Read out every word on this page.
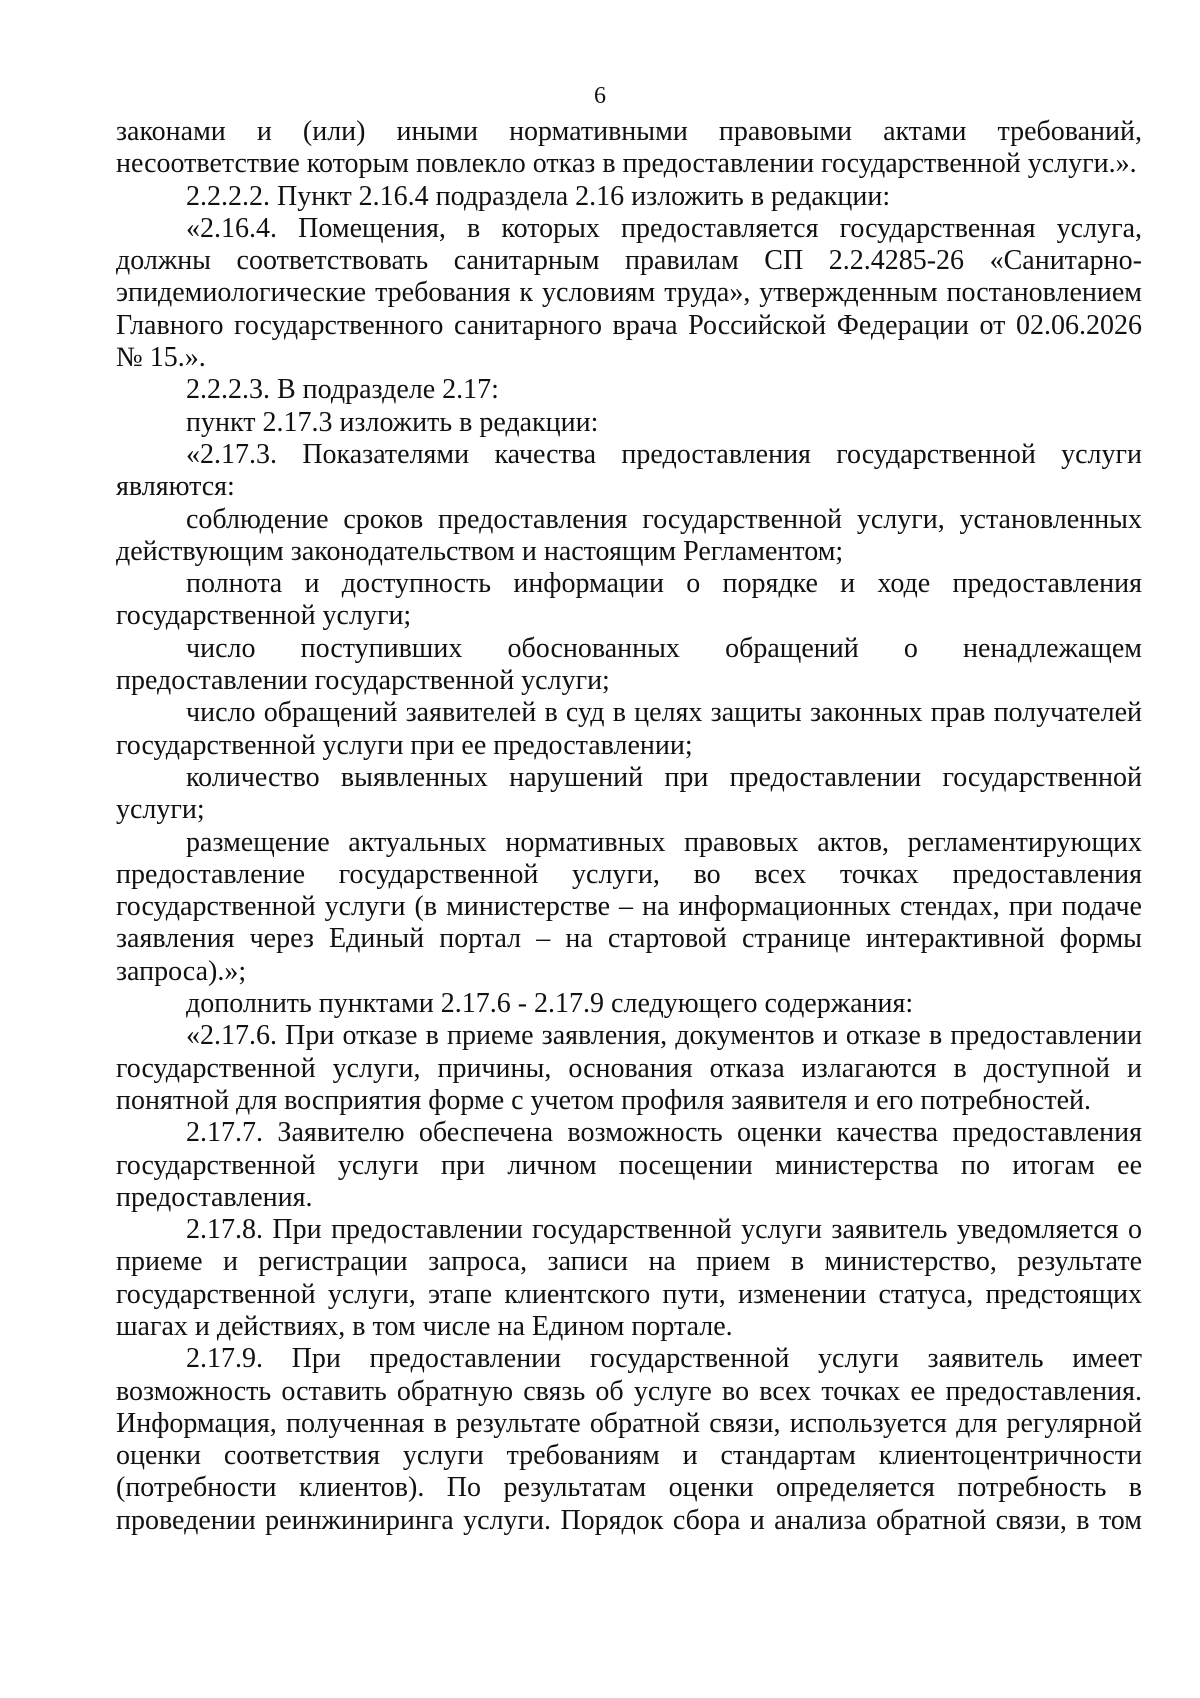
6

законами и (или) иными нормативными правовыми актами требований, несоответствие которым повлекло отказ в предоставлении государственной услуги.».

2.2.2.2. Пункт 2.16.4 подраздела 2.16 изложить в редакции:

«2.16.4. Помещения, в которых предоставляется государственная услуга, должны соответствовать санитарным правилам СП 2.2.4285-26 «Санитарно-эпидемиологические требования к условиям труда», утвержденным постановлением Главного государственного санитарного врача Российской Федерации от 02.06.2026 № 15.».

2.2.2.3. В подразделе 2.17:

пункт 2.17.3 изложить в редакции:

«2.17.3. Показателями качества предоставления государственной услуги являются:

соблюдение сроков предоставления государственной услуги, установленных действующим законодательством и настоящим Регламентом;

полнота и доступность информации о порядке и ходе предоставления государственной услуги;

число поступивших обоснованных обращений о ненадлежащем предоставлении государственной услуги;

число обращений заявителей в суд в целях защиты законных прав получателей государственной услуги при ее предоставлении;

количество выявленных нарушений при предоставлении государственной услуги;

размещение актуальных нормативных правовых актов, регламентирующих предоставление государственной услуги, во всех точках предоставления государственной услуги (в министерстве – на информационных стендах, при подаче заявления через Единый портал – на стартовой странице интерактивной формы запроса).»;

дополнить пунктами 2.17.6 - 2.17.9 следующего содержания:

«2.17.6. При отказе в приеме заявления, документов и отказе в предоставлении государственной услуги, причины, основания отказа излагаются в доступной и понятной для восприятия форме с учетом профиля заявителя и его потребностей.

2.17.7. Заявителю обеспечена возможность оценки качества предоставления государственной услуги при личном посещении министерства по итогам ее предоставления.

2.17.8. При предоставлении государственной услуги заявитель уведомляется о приеме и регистрации запроса, записи на прием в министерство, результате государственной услуги, этапе клиентского пути, изменении статуса, предстоящих шагах и действиях, в том числе на Едином портале.

2.17.9. При предоставлении государственной услуги заявитель имеет возможность оставить обратную связь об услуге во всех точках ее предоставления. Информация, полученная в результате обратной связи, используется для регулярной оценки соответствия услуги требованиям и стандартам клиентоцентричности (потребности клиентов). По результатам оценки определяется потребность в проведении реинжиниринга услуги. Порядок сбора и анализа обратной связи, в том
